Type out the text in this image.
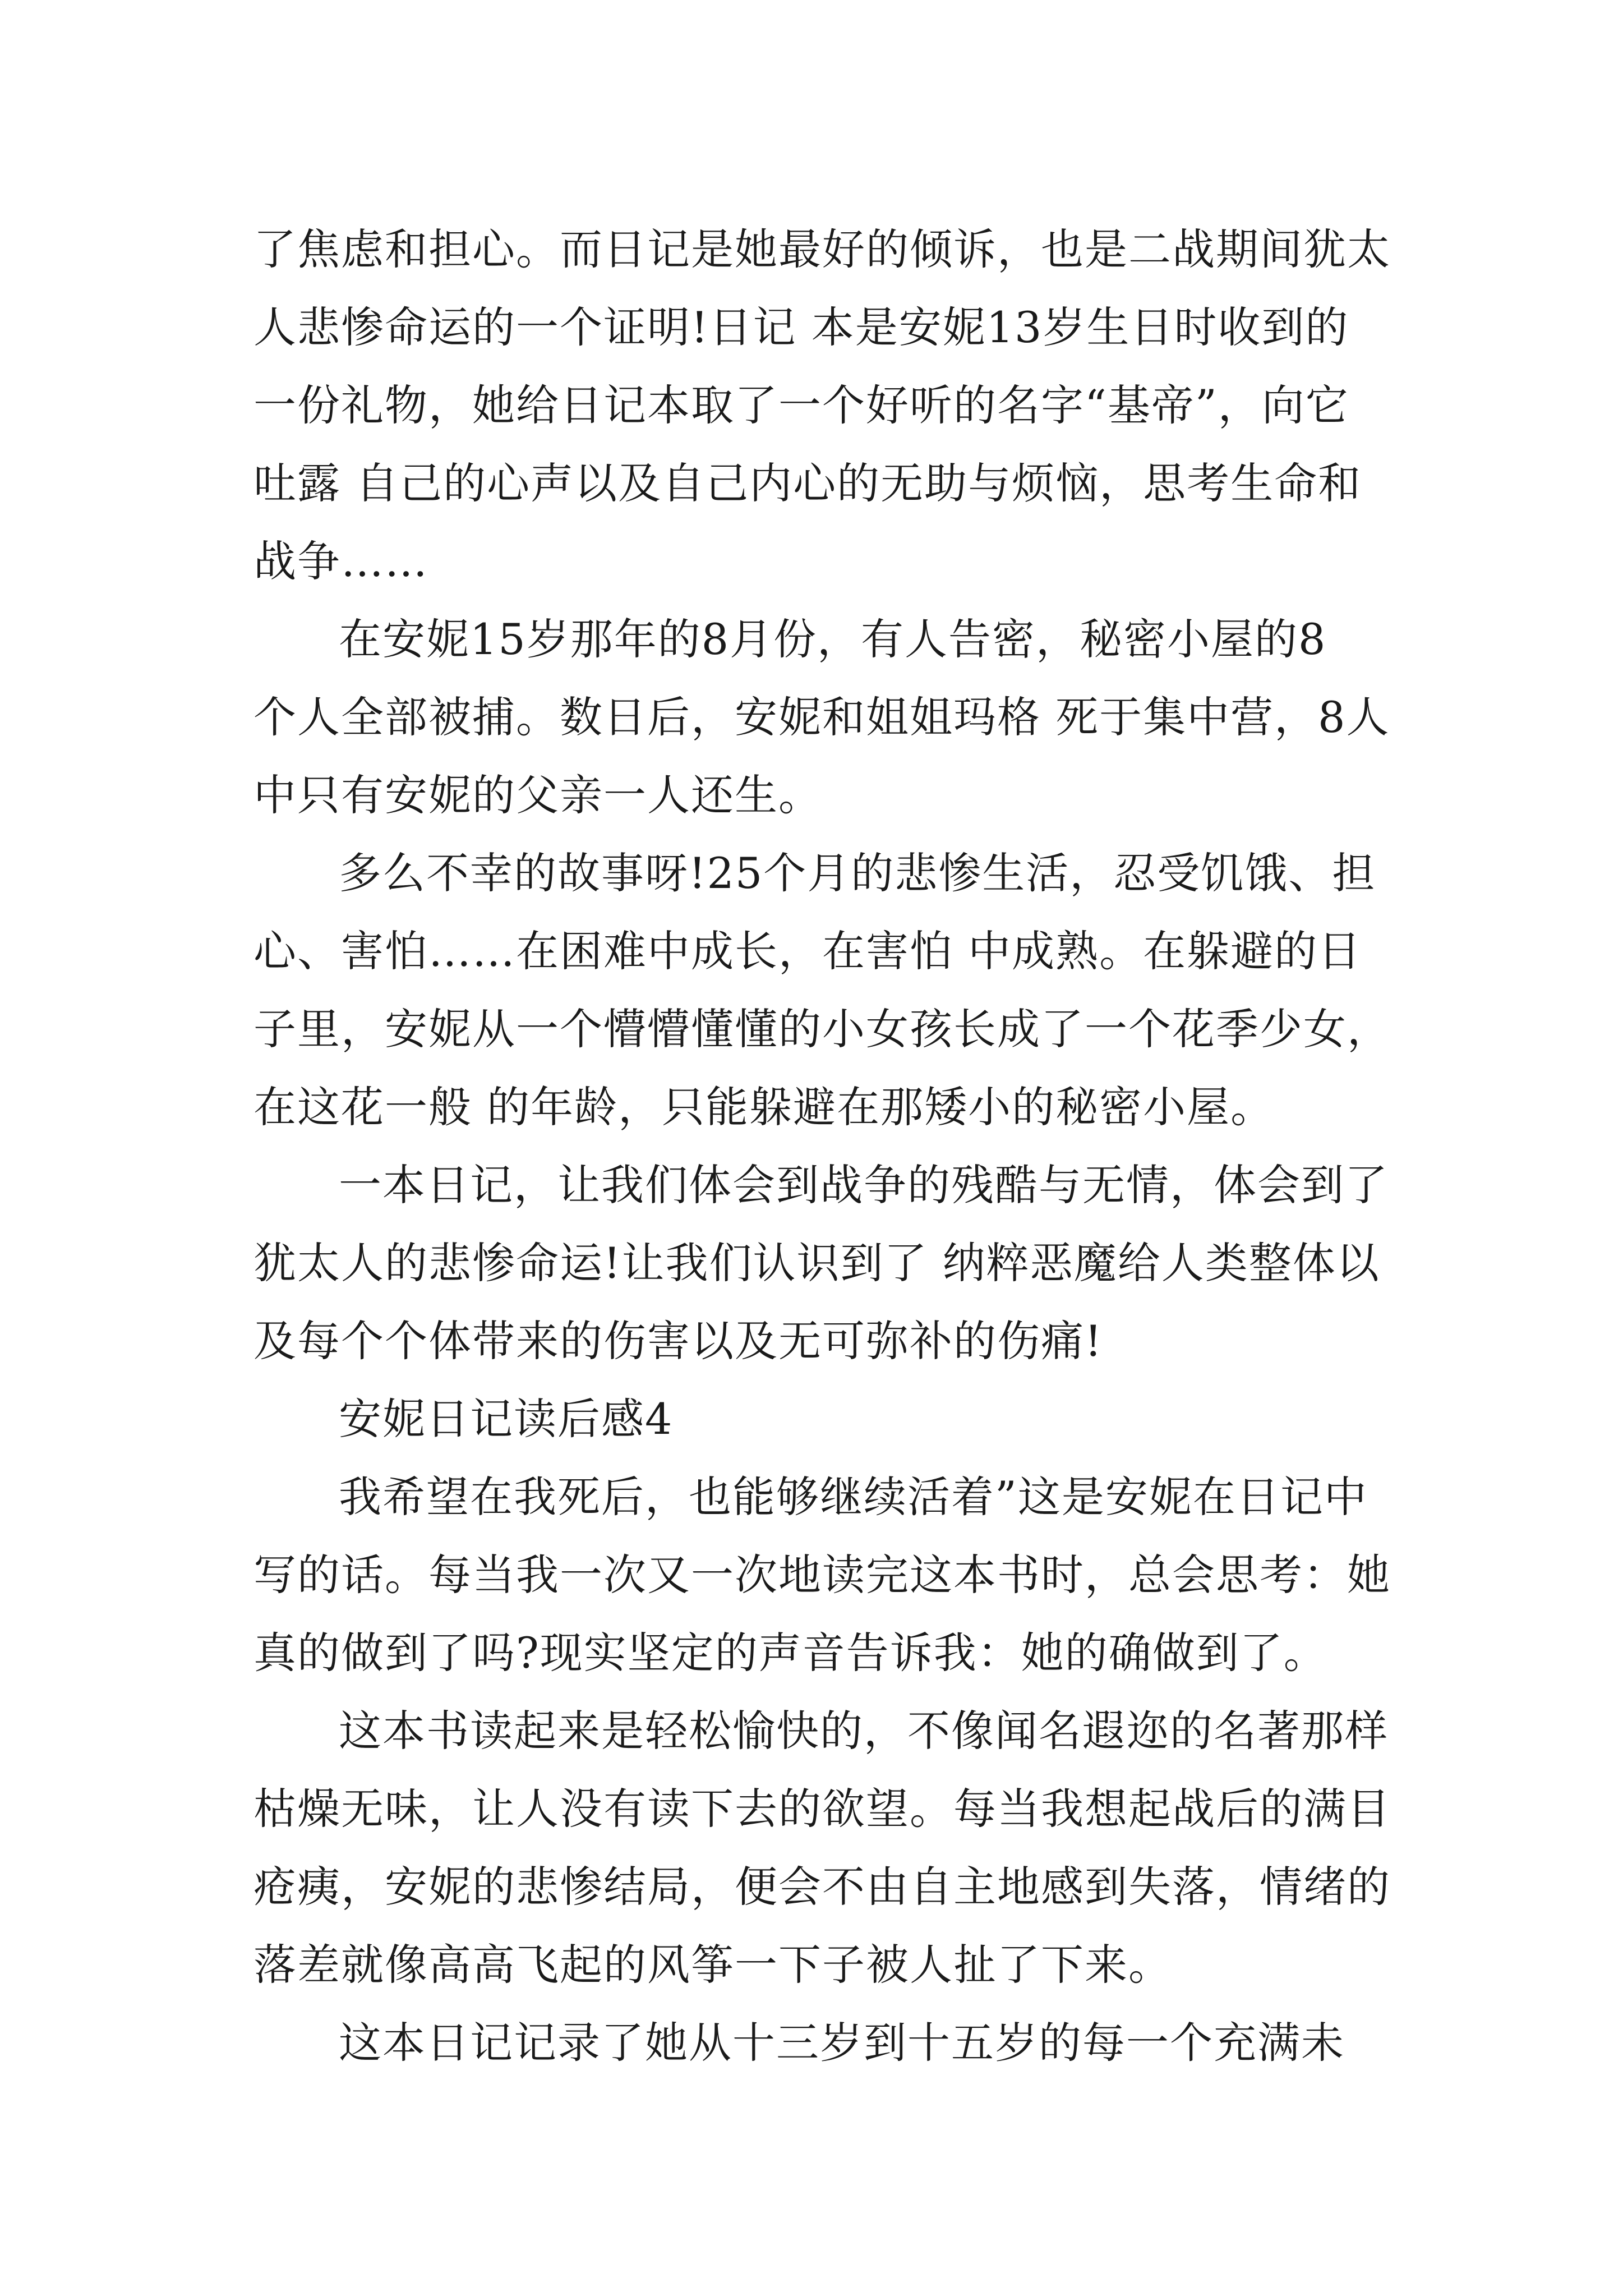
了焦虑和担心。而日记是她最好的倾诉，也是二战期间犹太
人悲惨命运的一个证明!日记 本是安妮13岁生日时收到的
一份礼物，她给日记本取了一个好听的名字“基帝”，向它
吐露 自己的心声以及自己内心的无助与烦恼，思考生命和
战争……
在安妮15岁那年的8月份，有人告密，秘密小屋的8
个人全部被捕。数日后，安妮和姐姐玛格 死于集中营，8人
中只有安妮的父亲一人还生。
多么不幸的故事呀!25个月的悲惨生活，忍受饥饿、担
心、害怕……在困难中成长，在害怕 中成熟。在躲避的日
子里，安妮从一个懵懵懂懂的小女孩长成了一个花季少女，
在这花一般 的年龄，只能躲避在那矮小的秘密小屋。
一本日记，让我们体会到战争的残酷与无情，体会到了
犹太人的悲惨命运!让我们认识到了 纳粹恶魔给人类整体以
及每个个体带来的伤害以及无可弥补的伤痛!
安妮日记读后感4
我希望在我死后，也能够继续活着”这是安妮在日记中
写的话。每当我一次又一次地读完这本书时，总会思考：她
真的做到了吗?现实坚定的声音告诉我：她的确做到了。
这本书读起来是轻松愉快的，不像闻名遐迩的名著那样
枯燥无味，让人没有读下去的欲望。每当我想起战后的满目
疮痍，安妮的悲惨结局，便会不由自主地感到失落，情绪的
落差就像高高飞起的风筝一下子被人扯了下来。
这本日记记录了她从十三岁到十五岁的每一个充满未
